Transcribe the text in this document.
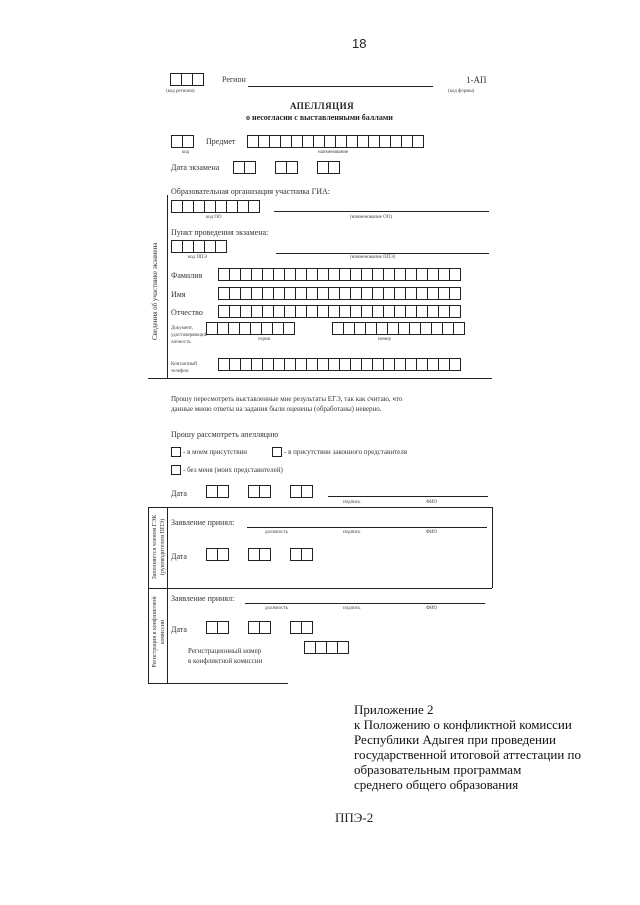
18
(код региона)
Регион	1-АП
(код формы)
АПЕЛЛЯЦИЯ
о несогласии с выставленными баллами
Предмет
код	наименование
Дата экзамена
Сведения об участнике экзамена
Образовательная организация участника ГИА:
код ОО	(наименование ОО)
Пункт проведения экзамена:
код ППЭ	(наименование ППЭ)
Фамилия
Имя
Отчество
Документ,
удостоверяющий
личность
серия	номер
Контактный
телефон
Прошу пересмотреть выставленные мне результаты ЕГЭ, так как считаю, что
данные мною ответы на задания были оценены (обработаны) неверно.
Прошу рассмотреть апелляцию
- в моем присутствии	- в присутствии законного представителя
- без меня (моих представителей)
Дата
подпись	ФИО
Заполняется членом ГЭК (руководителем ППЭ) Заявление принял:
должность	подпись	ФИО
Дата
Регистрация в конфликтной комиссии
Заявление принял:
должность	подпись	ФИО
Дата
Регистрационный номер
в конфликтной комиссии
Приложение 2
к Положению о конфликтной комиссии
Республики Адыгея при проведении
государственной итоговой аттестации по
образовательным программам
среднего общего образования
ППЭ-2
